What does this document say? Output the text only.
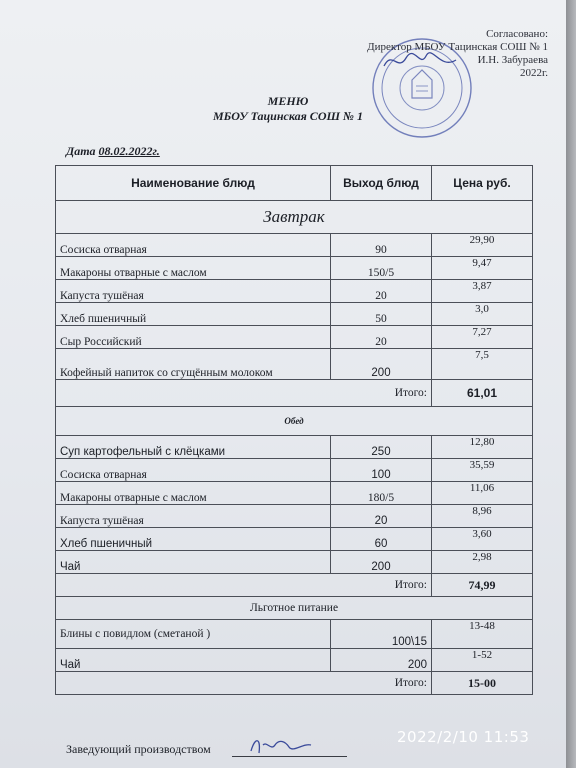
Согласовано:
Директор МБОУ Тацинская СОШ № 1
И.Н. Забураева
2022г.
МЕНЮ
МБОУ Тацинская СОШ № 1
Дата 08.02.2022г.
Наименование блюд	Выход блюд	Цена руб.
Завтрак		
Сосиска отварная	90	29,90
Макароны отварные с маслом	150/5	9,47
Капуста тушёная	20	3,87
Хлеб пшеничный	50	3,0
Сыр Российский	20	7,27
Кофейный напиток со сгущённым молоком	200	7,5
Итого:		61,01
Обед		
Суп картофельный с клёцками	250	12,80
Сосиска отварная	100	35,59
Макароны отварные с маслом	180/5	11,06
Капуста тушёная	20	8,96
Хлеб пшеничный	60	3,60
Чай	200	2,98
Итого:		74,99
Льготное питание		
Блины с повидлом (сметаной )	100\15	13-48
Чай	200	1-52
Итого:		15-00
Заведующий производством
2022/2/10 11:53
